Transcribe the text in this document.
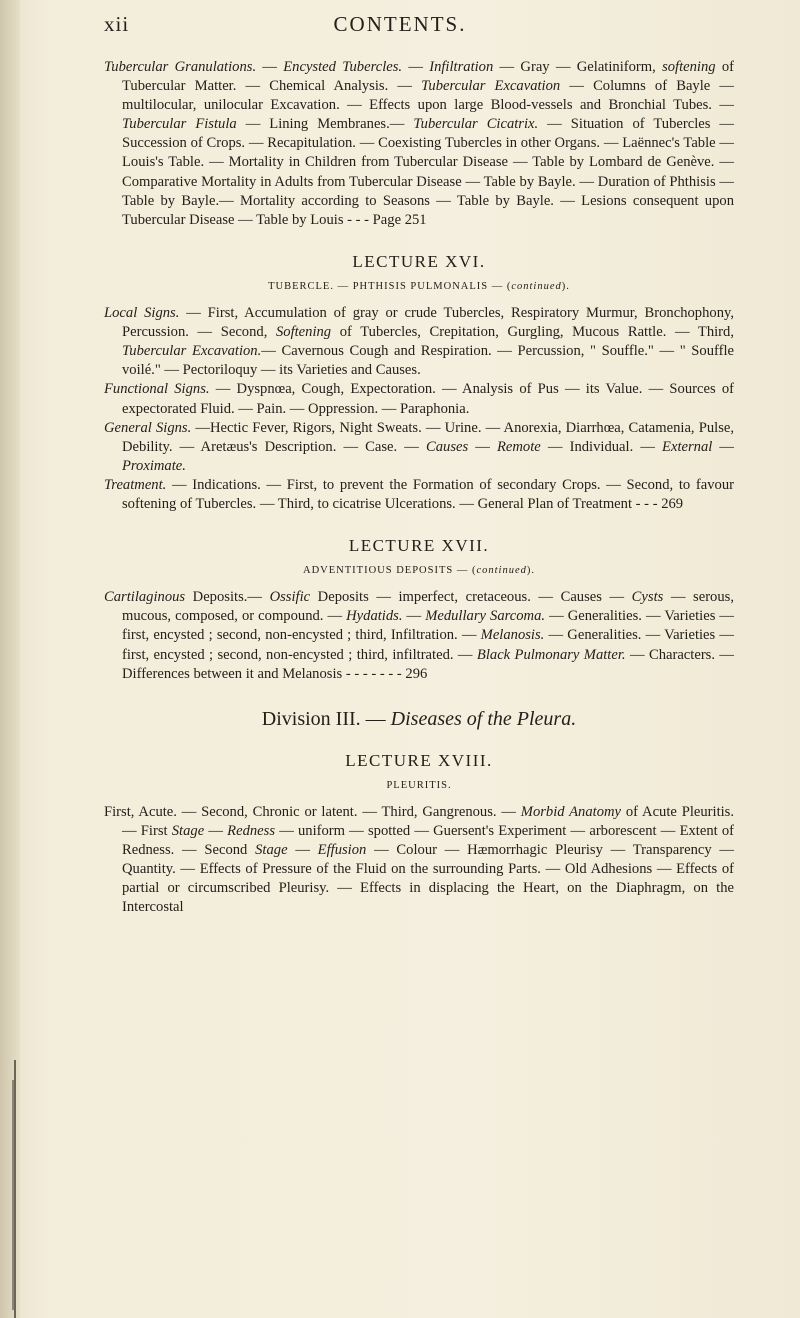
xii	CONTENTS.

Tubercular Granulations. — Encysted Tubercles. — Infiltration — Gray — Gelatiniform, softening of Tubercular Matter. — Chemical Analysis. — Tubercular Excavation — Columns of Bayle — multilocular, unilocular Excavation. — Effects upon large Blood-vessels and Bronchial Tubes. — Tubercular Fistula — Lining Membranes.— Tubercular Cicatrix. — Situation of Tubercles — Succession of Crops. — Recapitulation. — Coexisting Tubercles in other Organs. — Laënnec's Table — Louis's Table. — Mortality in Children from Tubercular Disease — Table by Lombard de Genève. — Comparative Mortality in Adults from Tubercular Disease — Table by Bayle. — Duration of Phthisis — Table by Bayle.— Mortality according to Seasons — Table by Bayle. — Lesions consequent upon Tubercular Disease — Table by Louis - - - Page 251

LECTURE XVI.
TUBERCLE. — PHTHISIS PULMONALIS — (continued).

Local Signs. — First, Accumulation of gray or crude Tubercles, Respiratory Murmur, Bronchophony, Percussion. — Second, Softening of Tubercles, Crepitation, Gurgling, Mucous Rattle. — Third, Tubercular Excavation.— Cavernous Cough and Respiration. — Percussion, " Souffle." — " Souffle voilé." — Pectoriloquy — its Varieties and Causes.

Functional Signs. — Dyspnœa, Cough, Expectoration. — Analysis of Pus — its Value. — Sources of expectorated Fluid. — Pain. — Oppression. — Paraphonia.

General Signs. —Hectic Fever, Rigors, Night Sweats. — Urine. — Anorexia, Diarrhœa, Catamenia, Pulse, Debility. — Aretæus's Description. — Case. — Causes — Remote — Individual. — External — Proximate.

Treatment. — Indications. — First, to prevent the Formation of secondary Crops. — Second, to favour softening of Tubercles. — Third, to cicatrise Ulcerations. — General Plan of Treatment - - - 269

LECTURE XVII.
ADVENTITIOUS DEPOSITS — (continued).

Cartilaginous Deposits.— Ossific Deposits — imperfect, cretaceous. — Causes — Cysts — serous, mucous, composed, or compound. — Hydatids. — Medullary Sarcoma. — Generalities. — Varieties — first, encysted ; second, non-encysted ; third, Infiltration. — Melanosis. — Generalities. — Varieties — first, encysted ; second, non-encysted ; third, infiltrated. — Black Pulmonary Matter. — Characters. — Differences between it and Melanosis - - - - - - - 296

Division III. — Diseases of the Pleura.
LECTURE XVIII.
PLEURITIS.

First, Acute. — Second, Chronic or latent. — Third, Gangrenous. — Morbid Anatomy of Acute Pleuritis. — First Stage — Redness — uniform — spotted — Guersent's Experiment — arborescent — Extent of Redness. — Second Stage — Effusion — Colour — Hæmorrhagic Pleurisy — Transparency — Quantity. — Effects of Pressure of the Fluid on the surrounding Parts. — Old Adhesions — Effects of partial or circumscribed Pleurisy. — Effects in displacing the Heart, on the Diaphragm, on the Intercostal
